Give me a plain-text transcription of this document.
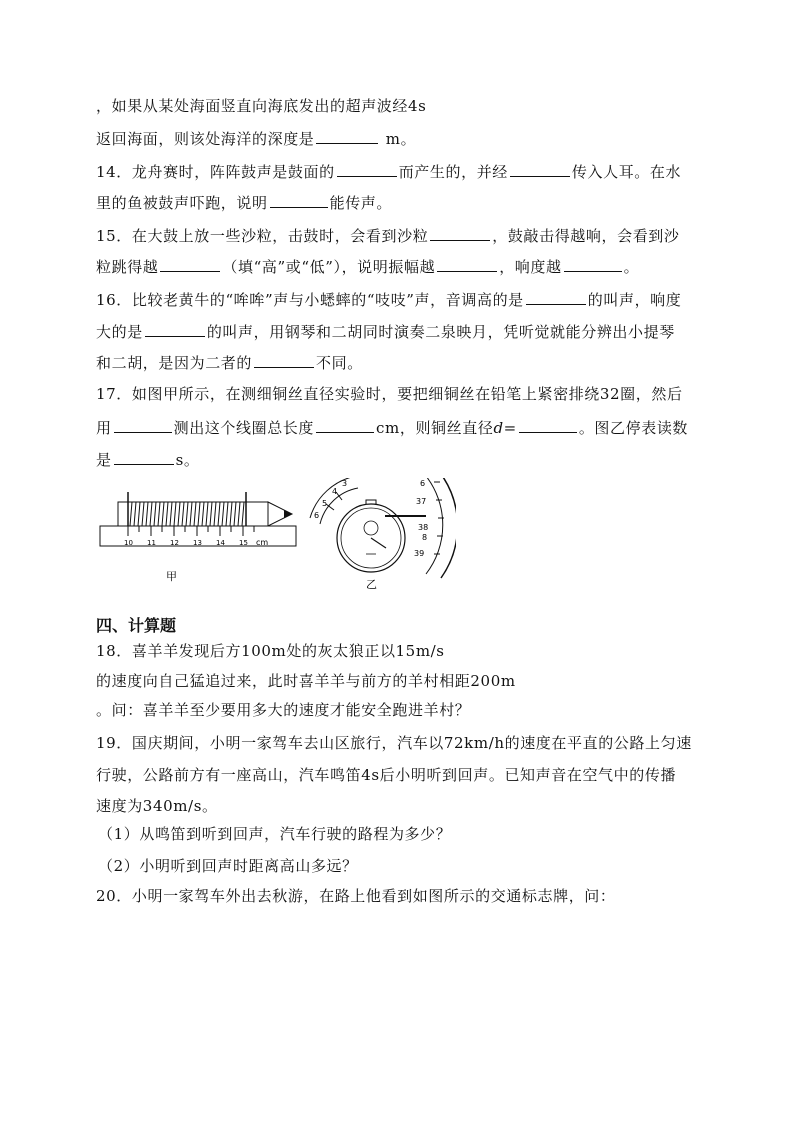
，如果从某处海面竖直向海底发出的超声波经4s
返回海面，则该处海洋的深度是	m。
14．龙舟赛时，阵阵鼓声是鼓面的	而产生的，并经	传入人耳。在水
里的鱼被鼓声吓跑，说明	能传声。
15．在大鼓上放一些沙粒，击鼓时，会看到沙粒	，鼓敲击得越响，会看到沙
粒跳得越	（填“高”或“低”），说明振幅越	，响度越	。
16．比较老黄牛的“哞哞”声与小蟋蟀的“吱吱”声，音调高的是	的叫声，响度
大的是	的叫声，用钢琴和二胡同时演奏二泉映月，凭听觉就能分辨出小提琴
和二胡，是因为二者的	不同。
17．如图甲所示，在测细铜丝直径实验时，要把细铜丝在铅笔上紧密排绕32圈，然后
用	测出这个线圈总长度	cm，则铜丝直径d=	。图乙停表读数
是	s。
10 11 12 13 14 15 cm
甲
3
4
5
6
6
37
38
8
39
乙
四、计算题
18．喜羊羊发现后方100m处的灰太狼正以15m/s
的速度向自己猛追过来，此时喜羊羊与前方的羊村相距200m
。问：喜羊羊至少要用多大的速度才能安全跑进羊村？
19．国庆期间，小明一家驾车去山区旅行，汽车以72km/h的速度在平直的公路上匀速
行驶，公路前方有一座高山，汽车鸣笛4s后小明听到回声。已知声音在空气中的传播
速度为340m/s。
（1）从鸣笛到听到回声，汽车行驶的路程为多少？
（2）小明听到回声时距离高山多远？
20．小明一家驾车外出去秋游，在路上他看到如图所示的交通标志牌，问：
